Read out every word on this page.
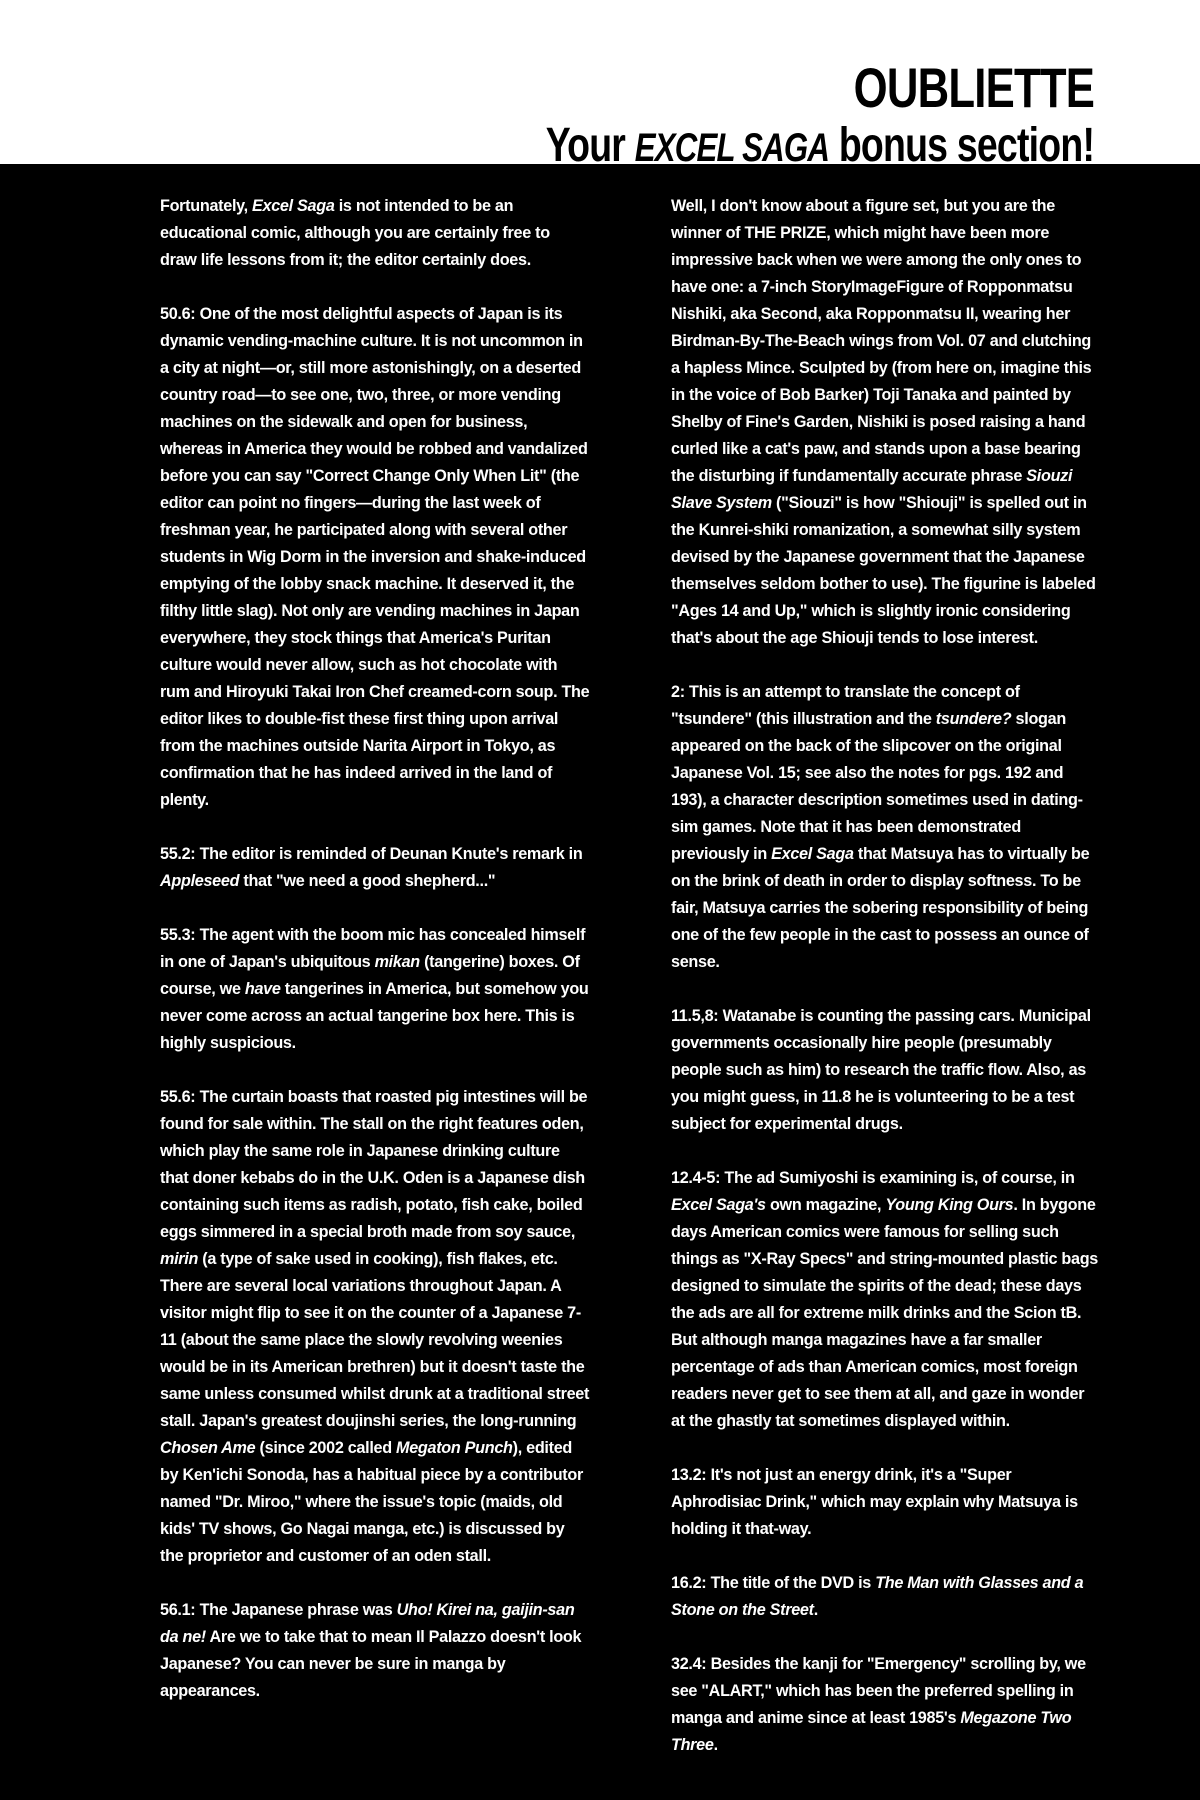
OUBLIETTE
Your EXCEL SAGA bonus section!

Fortunately, Excel Saga is not intended to be an educational comic, although you are certainly free to draw life lessons from it; the editor certainly does.

50.6: One of the most delightful aspects of Japan is its dynamic vending-machine culture. It is not uncommon in a city at night—or, still more astonishingly, on a deserted country road—to see one, two, three, or more vending machines on the sidewalk and open for business, whereas in America they would be robbed and vandalized before you can say "Correct Change Only When Lit" (the editor can point no fingers—during the last week of freshman year, he participated along with several other students in Wig Dorm in the inversion and shake-induced emptying of the lobby snack machine. It deserved it, the filthy little slag). Not only are vending machines in Japan everywhere, they stock things that America's Puritan culture would never allow, such as hot chocolate with rum and Hiroyuki Takai Iron Chef creamed-corn soup. The editor likes to double-fist these first thing upon arrival from the machines outside Narita Airport in Tokyo, as confirmation that he has indeed arrived in the land of plenty.

55.2: The editor is reminded of Deunan Knute's remark in Appleseed that "we need a good shepherd..."

55.3: The agent with the boom mic has concealed himself in one of Japan's ubiquitous mikan (tangerine) boxes. Of course, we have tangerines in America, but somehow you never come across an actual tangerine box here. This is highly suspicious.

55.6: The curtain boasts that roasted pig intestines will be found for sale within. The stall on the right features oden, which play the same role in Japanese drinking culture that doner kebabs do in the U.K. Oden is a Japanese dish containing such items as radish, potato, fish cake, boiled eggs simmered in a special broth made from soy sauce, mirin (a type of sake used in cooking), fish flakes, etc. There are several local variations throughout Japan. A visitor might flip to see it on the counter of a Japanese 7-11 (about the same place the slowly revolving weenies would be in its American brethren) but it doesn't taste the same unless consumed whilst drunk at a traditional street stall. Japan's greatest doujinshi series, the long-running Chosen Ame (since 2002 called Megaton Punch), edited by Ken'ichi Sonoda, has a habitual piece by a contributor named "Dr. Miroo," where the issue's topic (maids, old kids' TV shows, Go Nagai manga, etc.) is discussed by the proprietor and customer of an oden stall.

56.1: The Japanese phrase was Uho! Kirei na, gaijin-san da ne! Are we to take that to mean Il Palazzo doesn't look Japanese? You can never be sure in manga by appearances.

Well, I don't know about a figure set, but you are the winner of THE PRIZE, which might have been more impressive back when we were among the only ones to have one: a 7-inch StoryImageFigure of Ropponmatsu Nishiki, aka Second, aka Ropponmatsu II, wearing her Birdman-By-The-Beach wings from Vol. 07 and clutching a hapless Mince. Sculpted by (from here on, imagine this in the voice of Bob Barker) Toji Tanaka and painted by Shelby of Fine's Garden, Nishiki is posed raising a hand curled like a cat's paw, and stands upon a base bearing the disturbing if fundamentally accurate phrase Siouzi Slave System ("Siouzi" is how "Shiouji" is spelled out in the Kunrei-shiki romanization, a somewhat silly system devised by the Japanese government that the Japanese themselves seldom bother to use). The figurine is labeled "Ages 14 and Up," which is slightly ironic considering that's about the age Shiouji tends to lose interest.

2: This is an attempt to translate the concept of "tsundere" (this illustration and the tsundere? slogan appeared on the back of the slipcover on the original Japanese Vol. 15; see also the notes for pgs. 192 and 193), a character description sometimes used in dating-sim games. Note that it has been demonstrated previously in Excel Saga that Matsuya has to virtually be on the brink of death in order to display softness. To be fair, Matsuya carries the sobering responsibility of being one of the few people in the cast to possess an ounce of sense.

11.5,8: Watanabe is counting the passing cars. Municipal governments occasionally hire people (presumably people such as him) to research the traffic flow. Also, as you might guess, in 11.8 he is volunteering to be a test subject for experimental drugs.

12.4-5: The ad Sumiyoshi is examining is, of course, in Excel Saga's own magazine, Young King Ours. In bygone days American comics were famous for selling such things as "X-Ray Specs" and string-mounted plastic bags designed to simulate the spirits of the dead; these days the ads are all for extreme milk drinks and the Scion tB. But although manga magazines have a far smaller percentage of ads than American comics, most foreign readers never get to see them at all, and gaze in wonder at the ghastly tat sometimes displayed within.

13.2: It's not just an energy drink, it's a "Super Aphrodisiac Drink," which may explain why Matsuya is holding it that-way.

16.2: The title of the DVD is The Man with Glasses and a Stone on the Street.

32.4: Besides the kanji for "Emergency" scrolling by, we see "ALART," which has been the preferred spelling in manga and anime since at least 1985's Megazone Two Three.
